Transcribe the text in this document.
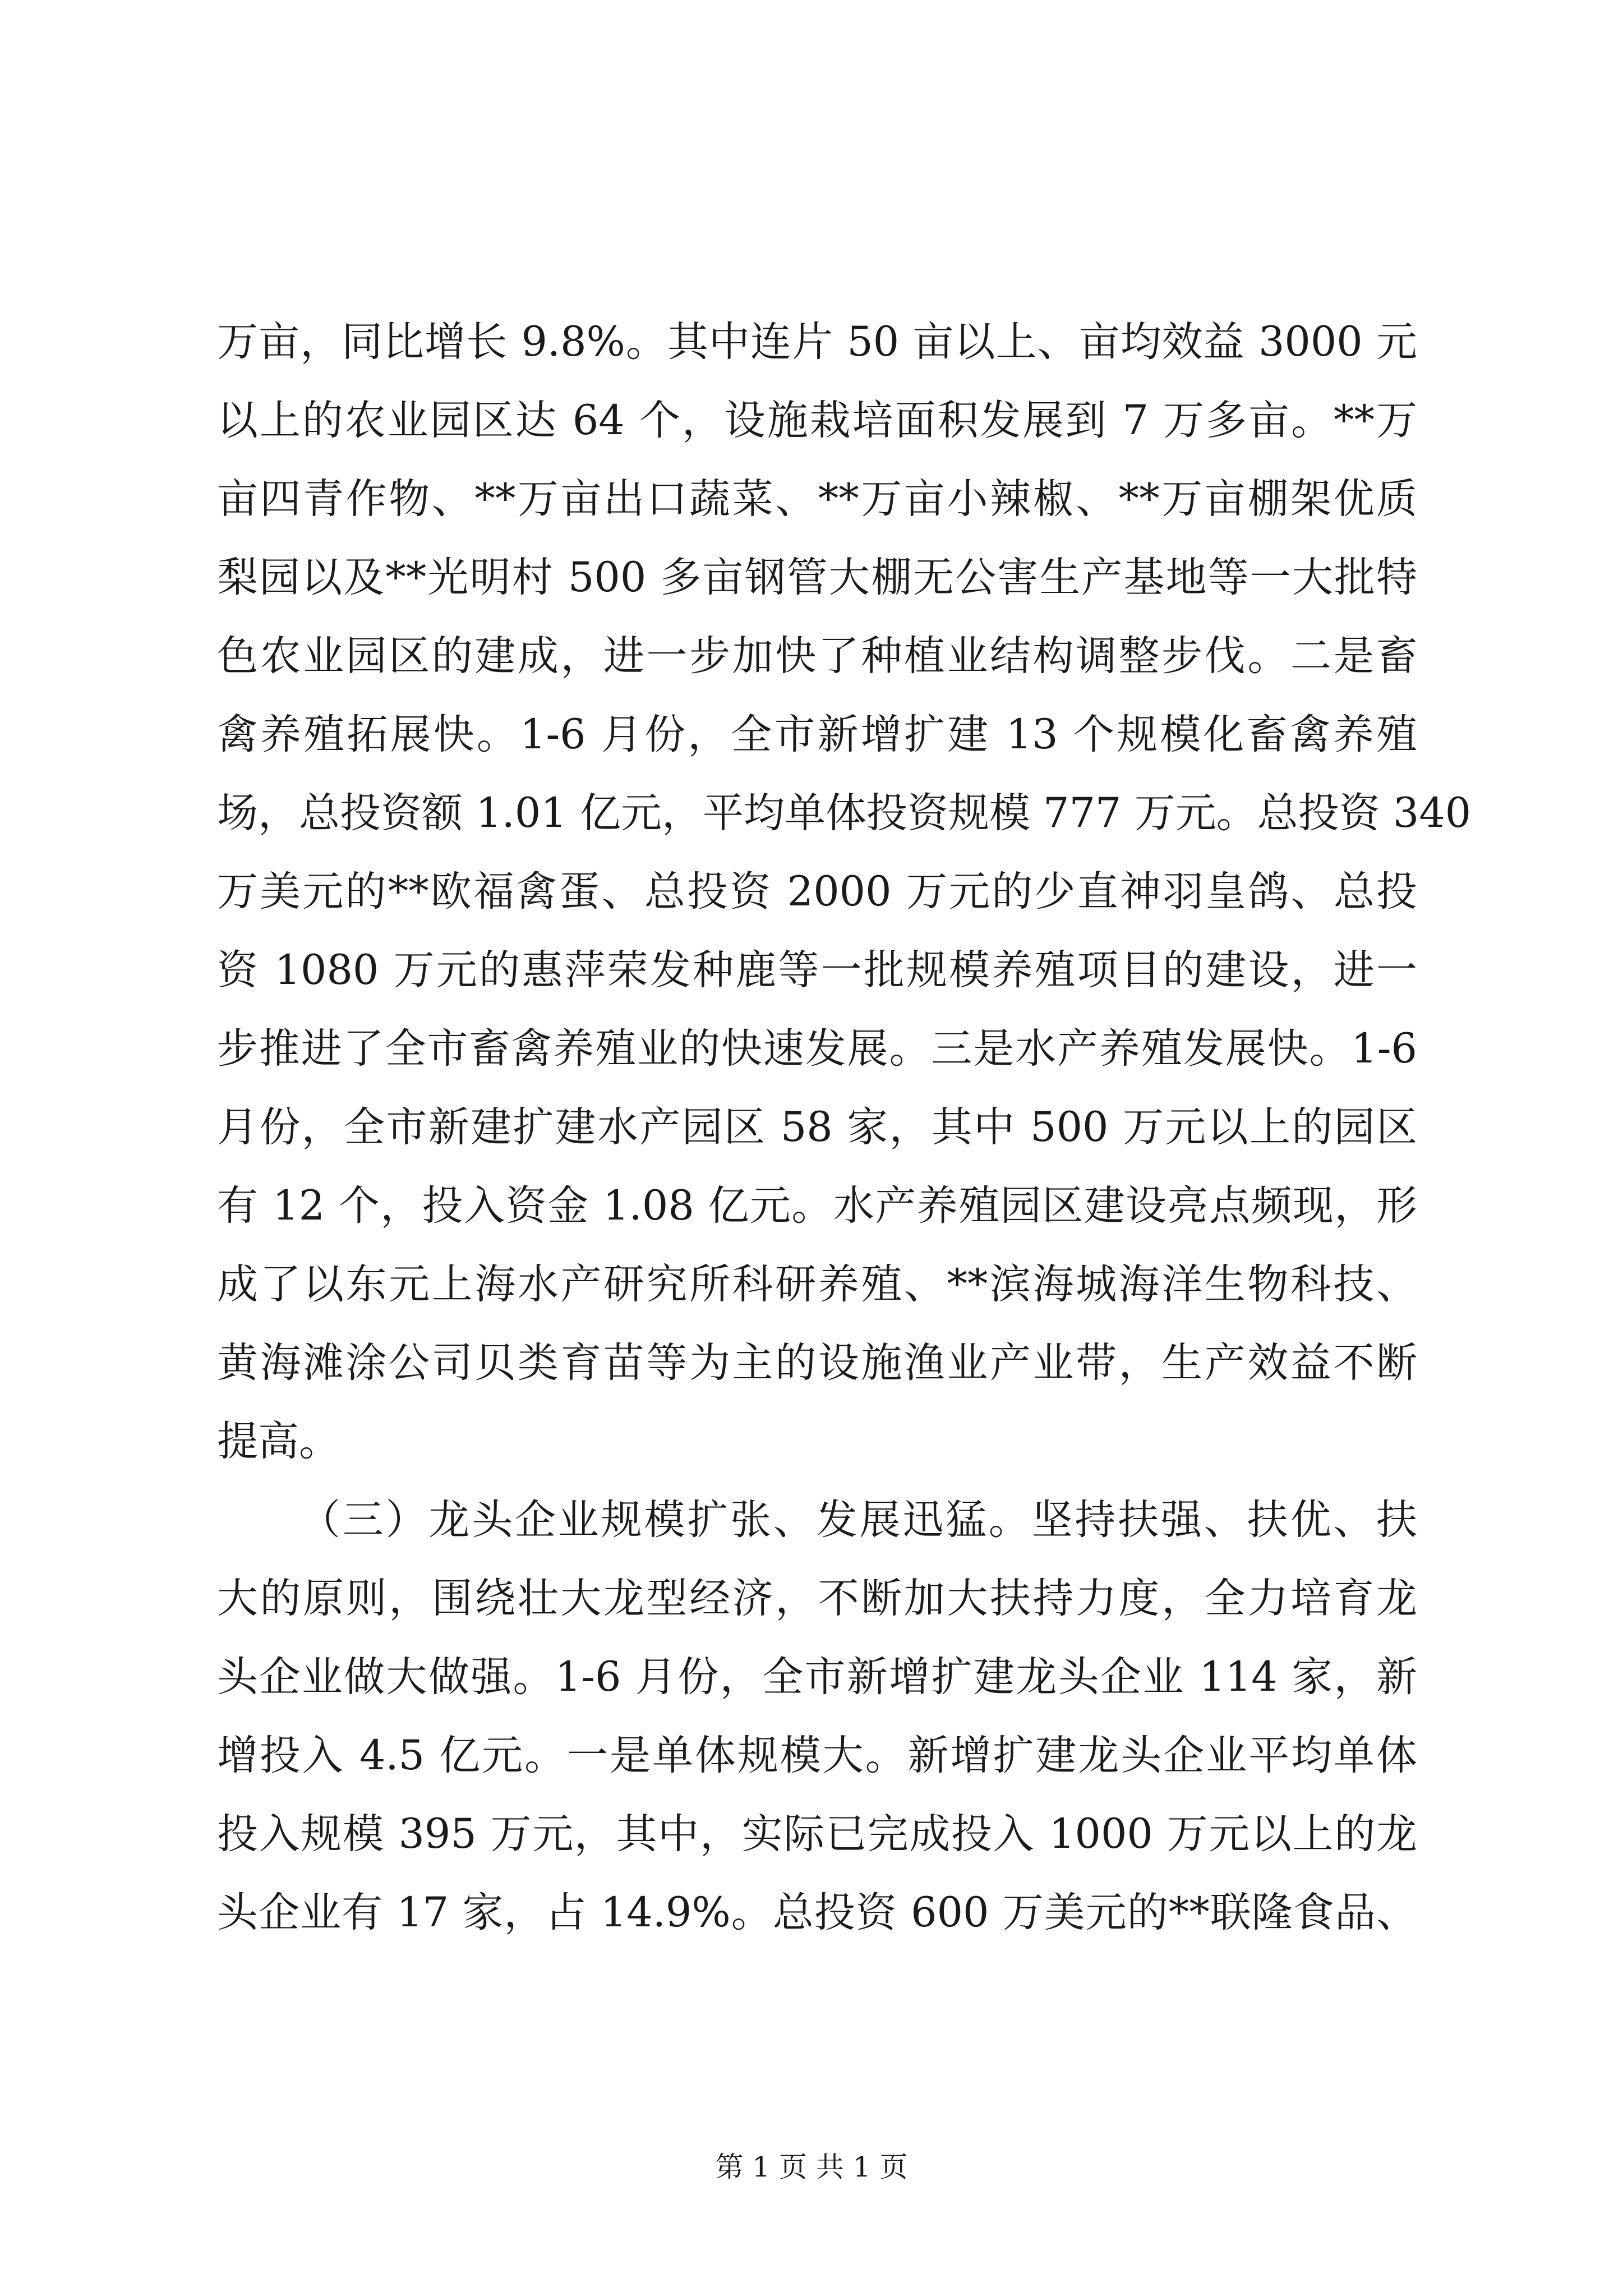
万亩，同比增长 9.8%。其中连片 50 亩以上、亩均效益 3000 元
以上的农业园区达 64 个，设施栽培面积发展到 7 万多亩。**万
亩四青作物、**万亩出口蔬菜、**万亩小辣椒、**万亩棚架优质
梨园以及**光明村 500 多亩钢管大棚无公害生产基地等一大批特
色农业园区的建成，进一步加快了种植业结构调整步伐。二是畜
禽养殖拓展快。1-6 月份，全市新增扩建 13 个规模化畜禽养殖
场，总投资额 1.01 亿元，平均单体投资规模 777 万元。总投资 340
万美元的**欧福禽蛋、总投资 2000 万元的少直神羽皇鸽、总投
资 1080 万元的惠萍荣发种鹿等一批规模养殖项目的建设，进一
步推进了全市畜禽养殖业的快速发展。三是水产养殖发展快。1-6
月份，全市新建扩建水产园区 58 家，其中 500 万元以上的园区
有 12 个，投入资金 1.08 亿元。水产养殖园区建设亮点频现，形
成了以东元上海水产研究所科研养殖、**滨海城海洋生物科技、
黄海滩涂公司贝类育苗等为主的设施渔业产业带，生产效益不断
提高。
（三）龙头企业规模扩张、发展迅猛。坚持扶强、扶优、扶
大的原则，围绕壮大龙型经济，不断加大扶持力度，全力培育龙
头企业做大做强。1-6 月份，全市新增扩建龙头企业 114 家，新
增投入 4.5 亿元。一是单体规模大。新增扩建龙头企业平均单体
投入规模 395 万元，其中，实际已完成投入 1000 万元以上的龙
头企业有 17 家，占 14.9%。总投资 600 万美元的**联隆食品、
第 1 页 共 1 页
